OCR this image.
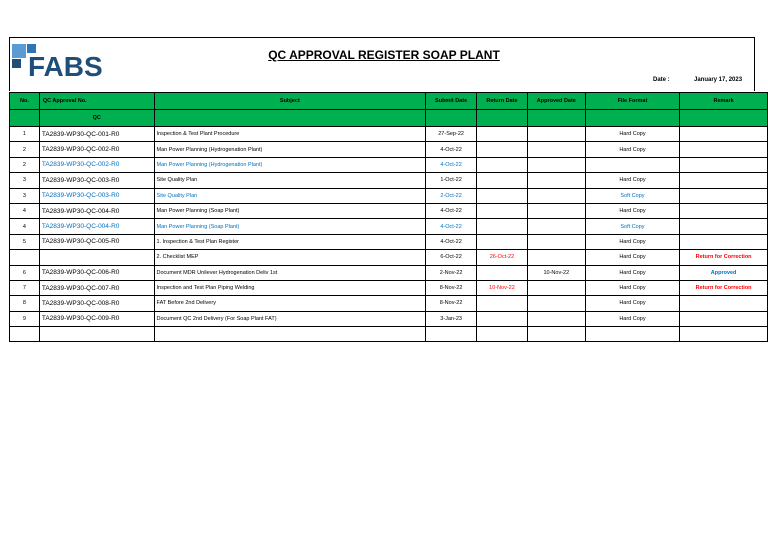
FABS	QC APPROVAL REGISTER SOAP PLANT
Date :	January 17, 2023
No.	QC Approval No.	Subject	Submit Date	Return Date	Approved Date	File Format	Remark
	QC						
1	TA2839-WP30-QC-001-R0	Inspection & Test Plant Procedure	27-Sep-22			Hard Copy	
2	TA2839-WP30-QC-002-R0	Man Power Planning (Hydrogenation Plant)	4-Oct-22			Hard Copy	
2	TA2839-WP30-QC-002-R0	Man Power Planning (Hydrogenation Plant)	4-Oct-22				
3	TA2839-WP30-QC-003-R0	Site Quality Plan	1-Oct-22			Hard Copy	
3	TA2839-WP30-QC-003-R0	Site Quality Plan	2-Oct-22			Soft Copy	
4	TA2839-WP30-QC-004-R0	Man Power Planning (Soap Plant)	4-Oct-22			Hard Copy	
4	TA2839-WP30-QC-004-R0	Man Power Planning (Soap Plant)	4-Oct-22			Soft Copy	
5	TA2839-WP30-QC-005-R0	1. Inspection & Test Plan Register	4-Oct-22			Hard Copy	
		2. Checklist MEP	6-Oct-22	26-Oct-22		Hard Copy	Return for Correction
6	TA2839-WP30-QC-006-R0	Document MDR Unilever Hydrogenation Deliv 1st	2-Nov-22		10-Nov-22	Hard Copy	Approved
7	TA2839-WP30-QC-007-R0	Inspection and Test Plan Piping Welding	8-Nov-22	10-Nov-22		Hard Copy	Return for Correction
8	TA2839-WP30-QC-008-R0	FAT Before 2nd Delivery	8-Nov-22			Hard Copy	
9	TA2839-WP30-QC-009-R0	Document QC 2nd Delivery (For Soap Plant FAT)	3-Jan-23			Hard Copy	
